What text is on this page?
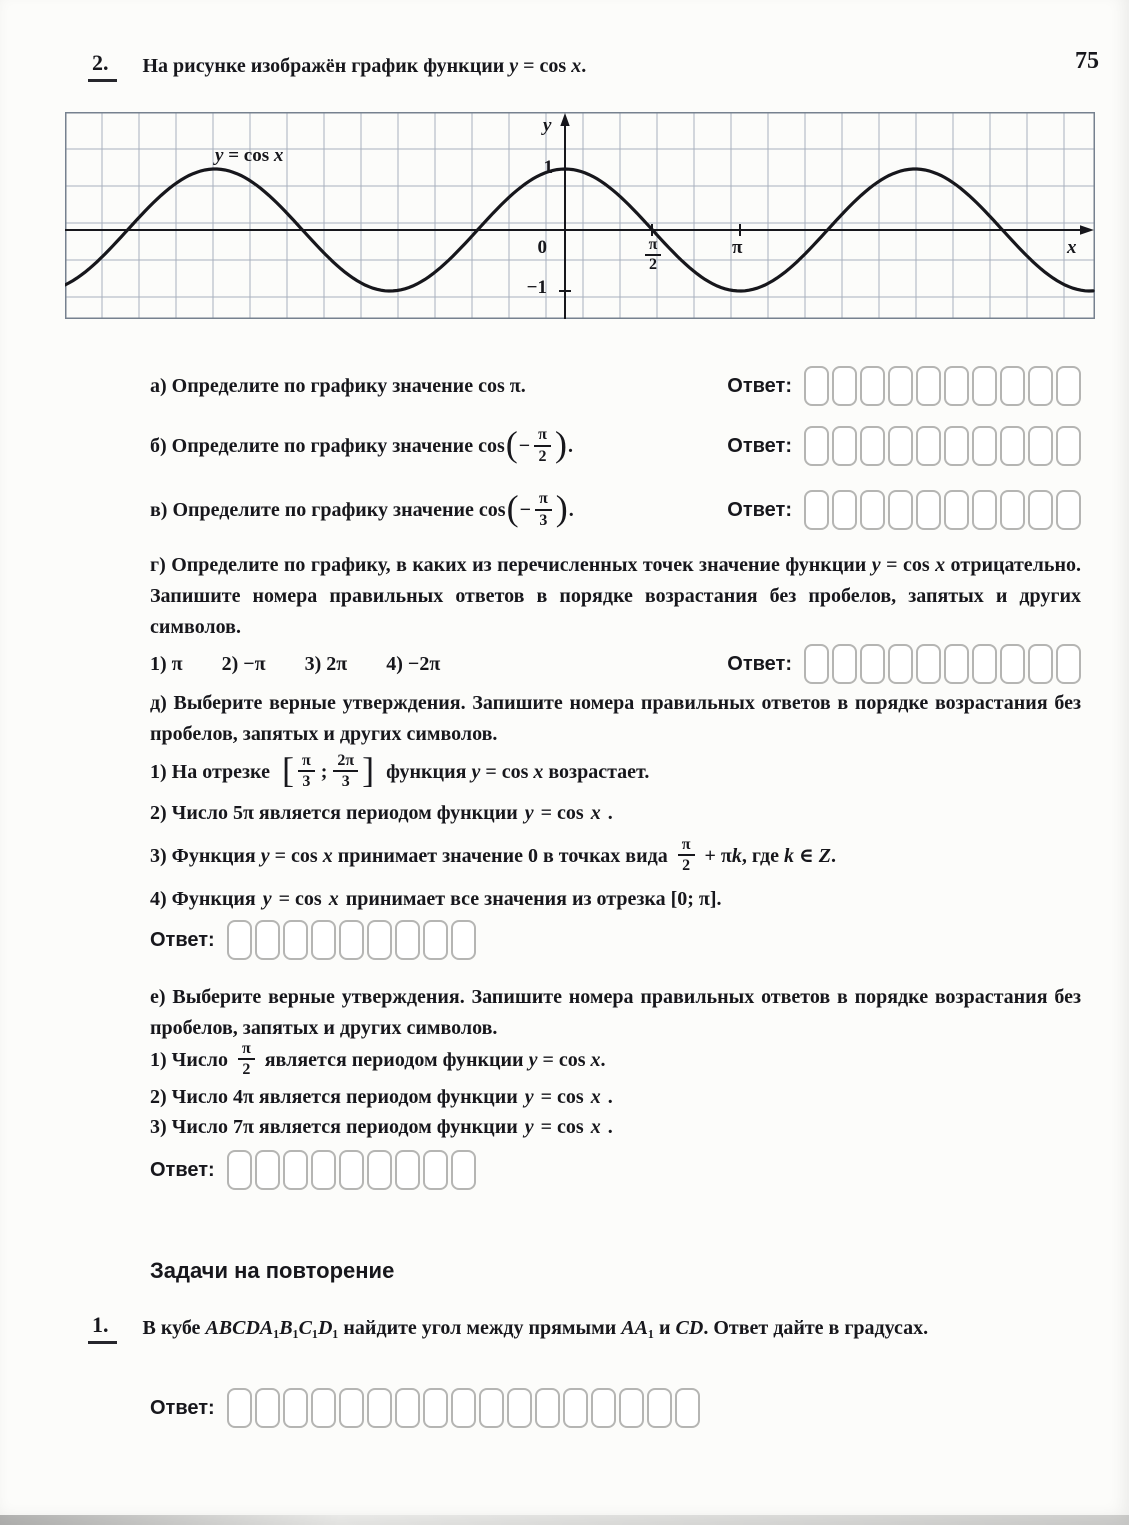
2.	На рисунке изображён график функции y = cos x.	75
y = cos x
y
x
1
0
−1
π
2
π
а) Определите по графику значение cos π.	Ответ:
б) Определите по графику значение cos ( − $\frac{\pi}{2}$ ) .	Ответ:
в) Определите по графику значение cos ( − $\frac{\pi}{3}$ ) .	Ответ:
г) Определите по графику, в каких из перечисленных точек значение функции y = cos x отрицательно. Запишите номера правильных ответов в порядке возрастания без пробелов, запятых и других символов.
1) π 2) −π 3) 2π 4) −2π	Ответ:
д) Выберите верные утверждения. Запишите номера правильных ответов в порядке возрастания без пробелов, запятых и других символов.
1) На отрезке [ $\frac{\pi}{3}$ ; $\frac{2\pi}{3}$ ] функция y = cos x возрастает.
2) Число 5π является периодом функции y = cos x .
3) Функция y = cos x принимает значение 0 в точках вида $\frac{\pi}{2} + \pi k$, где k ∈ Z.
4) Функция y = cos x принимает все значения из отрезка [0; π].
Ответ:
е) Выберите верные утверждения. Запишите номера правильных ответов в порядке возрастания без пробелов, запятых и других символов.
1) Число $\frac{\pi}{2}$ является периодом функции y = cos x.
2) Число 4π является периодом функции y = cos x .
3) Число 7π является периодом функции y = cos x .
Ответ:
Задачи на повторение
1.	В кубе ABCDA₁B₁C₁D₁ найдите угол между прямыми AA₁ и CD. Ответ дайте в градусах.
Ответ:
